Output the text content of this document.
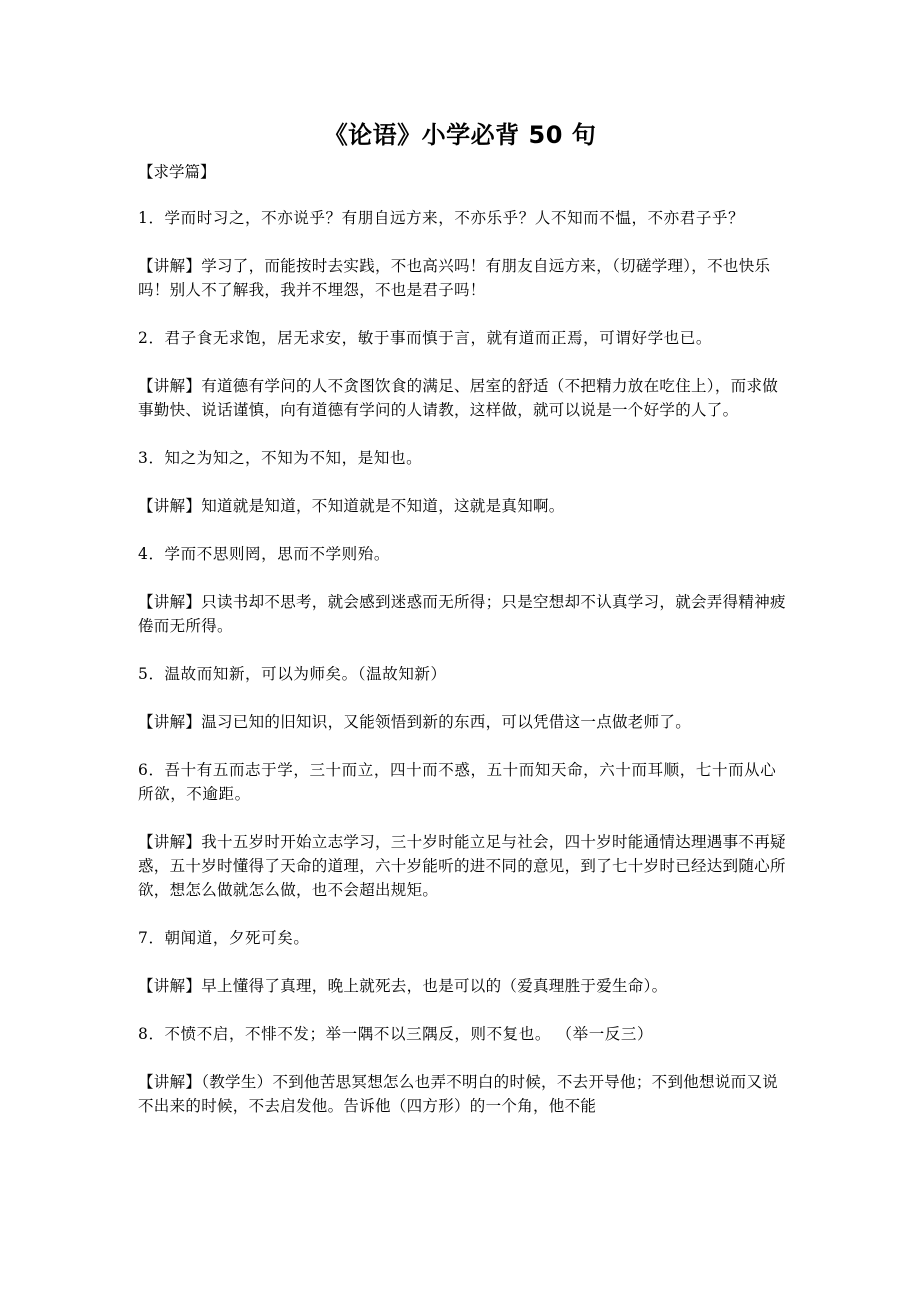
《论语》小学必背 50 句

【求学篇】

1．学而时习之，不亦说乎？有朋自远方来，不亦乐乎？人不知而不愠，不亦君子乎？

【讲解】学习了，而能按时去实践，不也高兴吗！有朋友自远方来，（切磋学理），不也快乐吗！别人不了解我，我并不埋怨，不也是君子吗！

2．君子食无求饱，居无求安，敏于事而慎于言，就有道而正焉，可谓好学也已。

【讲解】有道德有学问的人不贪图饮食的满足、居室的舒适（不把精力放在吃住上），而求做事勤快、说话谨慎，向有道德有学问的人请教，这样做，就可以说是一个好学的人了。

3．知之为知之，不知为不知，是知也。

【讲解】知道就是知道，不知道就是不知道，这就是真知啊。

4．学而不思则罔，思而不学则殆。

【讲解】只读书却不思考，就会感到迷惑而无所得；只是空想却不认真学习，就会弄得精神疲倦而无所得。

5．温故而知新，可以为师矣。（温故知新）

【讲解】温习已知的旧知识，又能领悟到新的东西，可以凭借这一点做老师了。

6．吾十有五而志于学，三十而立，四十而不惑，五十而知天命，六十而耳顺，七十而从心所欲，不逾距。

【讲解】我十五岁时开始立志学习，三十岁时能立足与社会，四十岁时能通情达理遇事不再疑惑，五十岁时懂得了天命的道理，六十岁能听的进不同的意见，到了七十岁时已经达到随心所欲，想怎么做就怎么做，也不会超出规矩。

7．朝闻道，夕死可矣。

【讲解】早上懂得了真理，晚上就死去，也是可以的（爱真理胜于爱生命）。

8．不愤不启，不悱不发；举一隅不以三隅反，则不复也。 （举一反三）

【讲解】（教学生）不到他苦思冥想怎么也弄不明白的时候，不去开导他；不到他想说而又说不出来的时候，不去启发他。告诉他（四方形）的一个角，他不能
